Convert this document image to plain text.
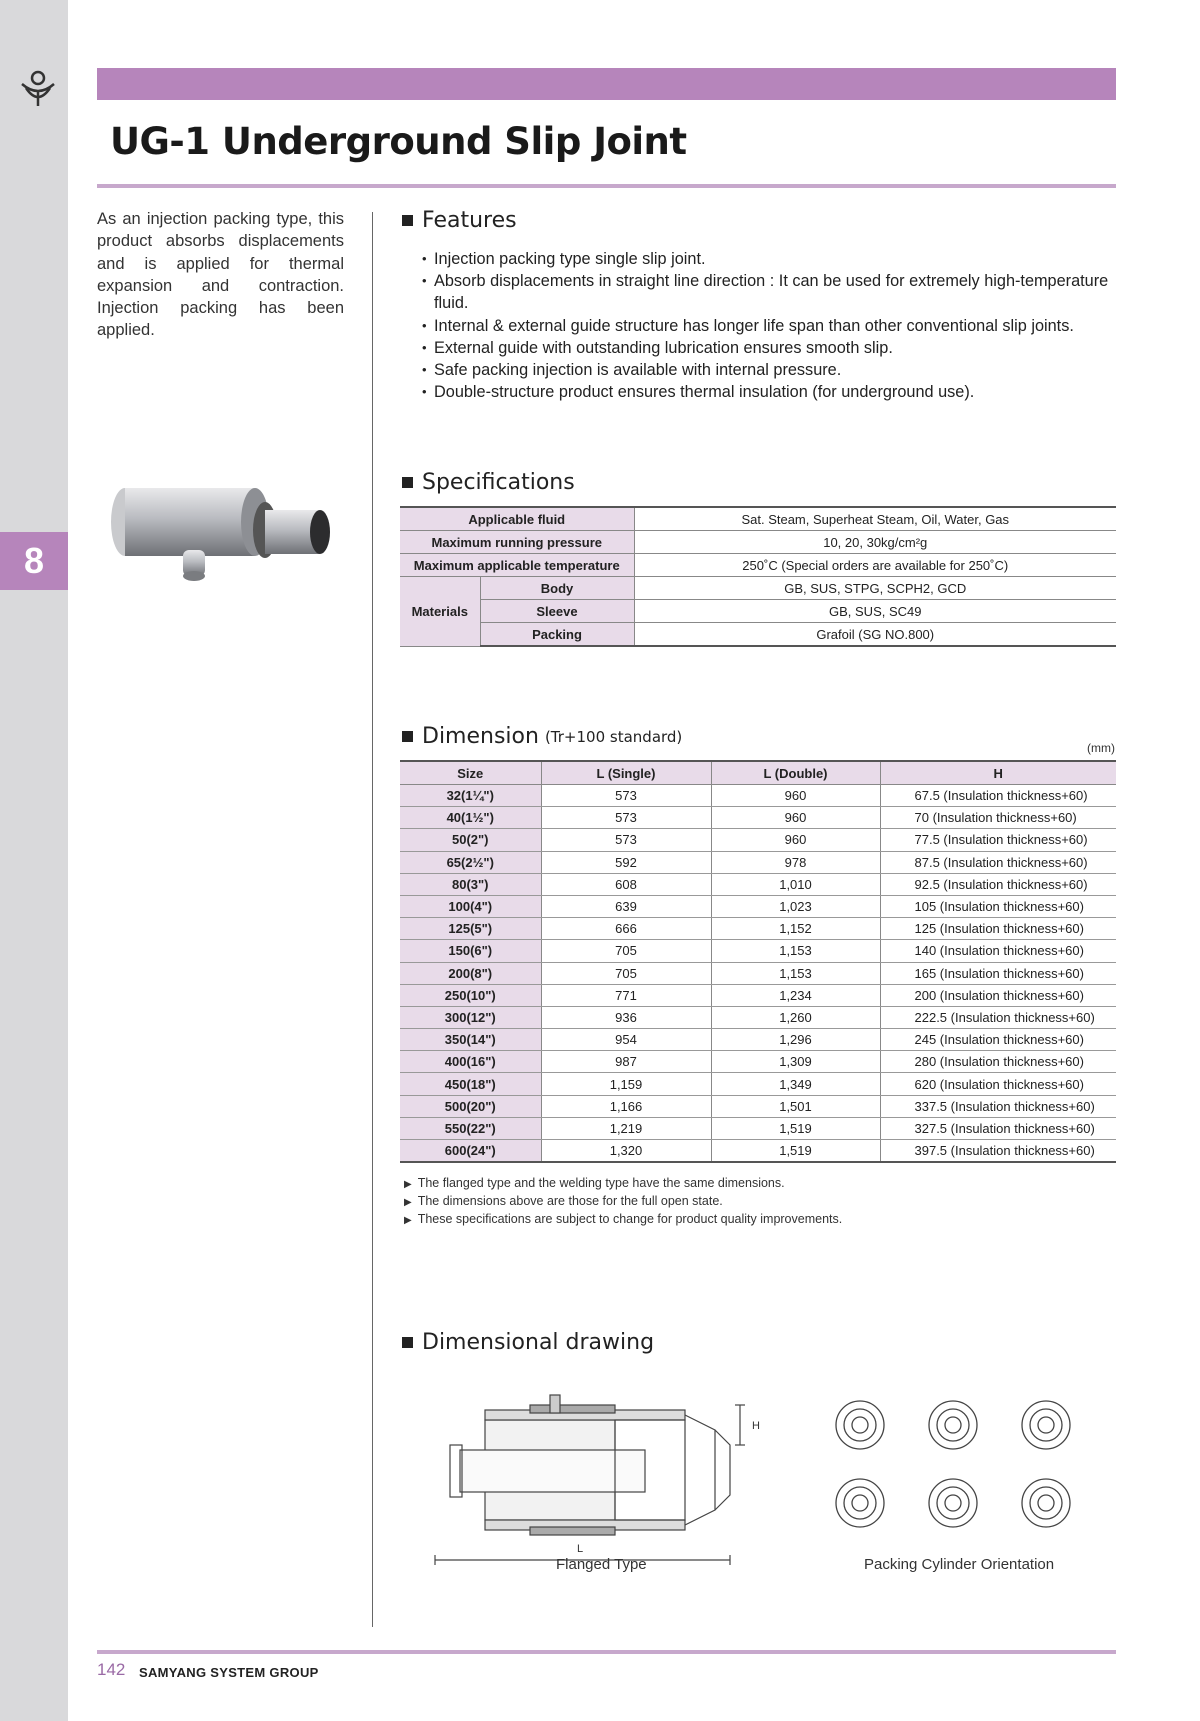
8
UG-1 Underground Slip Joint

As an injection packing type, this product absorbs displacements and is applied for thermal expansion and contraction. Injection packing has been applied.

Features
• Injection packing type single slip joint.
• Absorb displacements in straight line direction : It can be used for extremely high-temperature fluid.
• Internal & external guide structure has longer life span than other conventional slip joints.
• External guide with outstanding lubrication ensures smooth slip.
• Safe packing injection is available with internal pressure.
• Double-structure product ensures thermal insulation (for underground use).
Specifications
Applicable fluid		Sat. Steam, Superheat Steam, Oil, Water, Gas
Maximum running pressure		10, 20, 30kg/cm²g
Maximum applicable temperature		250˚C (Special orders are available for 250˚C)
Materials	Body	GB, SUS, STPG, SCPH2, GCD
	Sleeve	GB, SUS, SC49
	Packing	Grafoil (SG NO.800)
Dimension (Tr+100 standard)
(mm)
Size	L (Single)	L (Double)	H
32(1¼")	573	960	67.5 (Insulation thickness+60)
40(1½")	573	960	70 (Insulation thickness+60)
50(2")	573	960	77.5 (Insulation thickness+60)
65(2½")	592	978	87.5 (Insulation thickness+60)
80(3")	608	1,010	92.5 (Insulation thickness+60)
100(4")	639	1,023	105 (Insulation thickness+60)
125(5")	666	1,152	125 (Insulation thickness+60)
150(6")	705	1,153	140 (Insulation thickness+60)
200(8")	705	1,153	165 (Insulation thickness+60)
250(10")	771	1,234	200 (Insulation thickness+60)
300(12")	936	1,260	222.5 (Insulation thickness+60)
350(14")	954	1,296	245 (Insulation thickness+60)
400(16")	987	1,309	280 (Insulation thickness+60)
450(18")	1,159	1,349	620 (Insulation thickness+60)
500(20")	1,166	1,501	337.5 (Insulation thickness+60)
550(22")	1,219	1,519	327.5 (Insulation thickness+60)
600(24")	1,320	1,519	397.5 (Insulation thickness+60)
▶ The flanged type and the welding type have the same dimensions.
▶ The dimensions above are those for the full open state.
▶ These specifications are subject to change for product quality improvements.
Dimensional drawing
L
H
Flanged Type	Packing Cylinder Orientation
142 SAMYANG SYSTEM GROUP
